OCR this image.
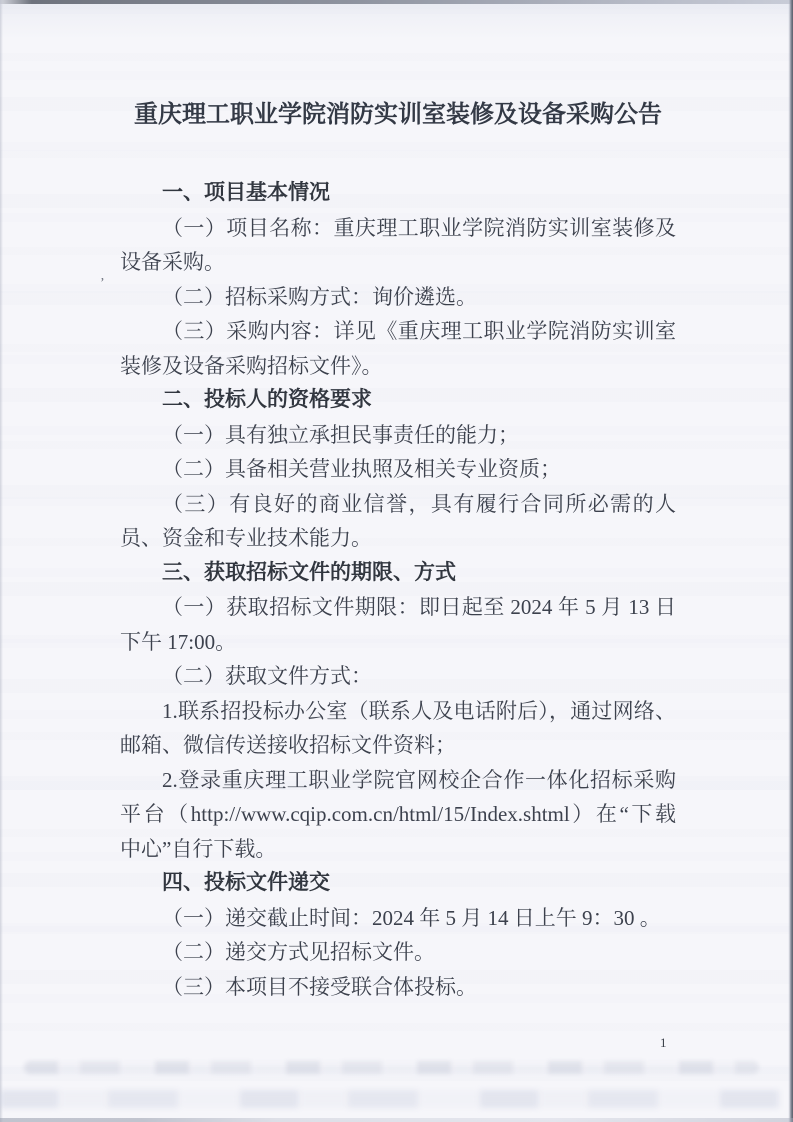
重庆理工职业学院消防实训室装修及设备采购公告

一、项目基本情况

（一）项目名称：重庆理工职业学院消防实训室装修及设备采购。

（二）招标采购方式：询价遴选。

（三）采购内容：详见《重庆理工职业学院消防实训室装修及设备采购招标文件》。

二、投标人的资格要求

（一）具有独立承担民事责任的能力；

（二）具备相关营业执照及相关专业资质；

（三）有良好的商业信誉，具有履行合同所必需的人员、资金和专业技术能力。

三、获取招标文件的期限、方式

（一）获取招标文件期限：即日起至 2024 年 5 月 13 日下午 17:00。

（二）获取文件方式：

1.联系招投标办公室（联系人及电话附后），通过网络、邮箱、微信传送接收招标文件资料；

2.登录重庆理工职业学院官网校企合作一体化招标采购平台（http://www.cqip.com.cn/html/15/Index.shtml）在“下载中心”自行下载。

四、投标文件递交

（一）递交截止时间：2024 年 5 月 14 日上午 9：30 。

（二）递交方式见招标文件。

（三）本项目不接受联合体投标。

’
1
